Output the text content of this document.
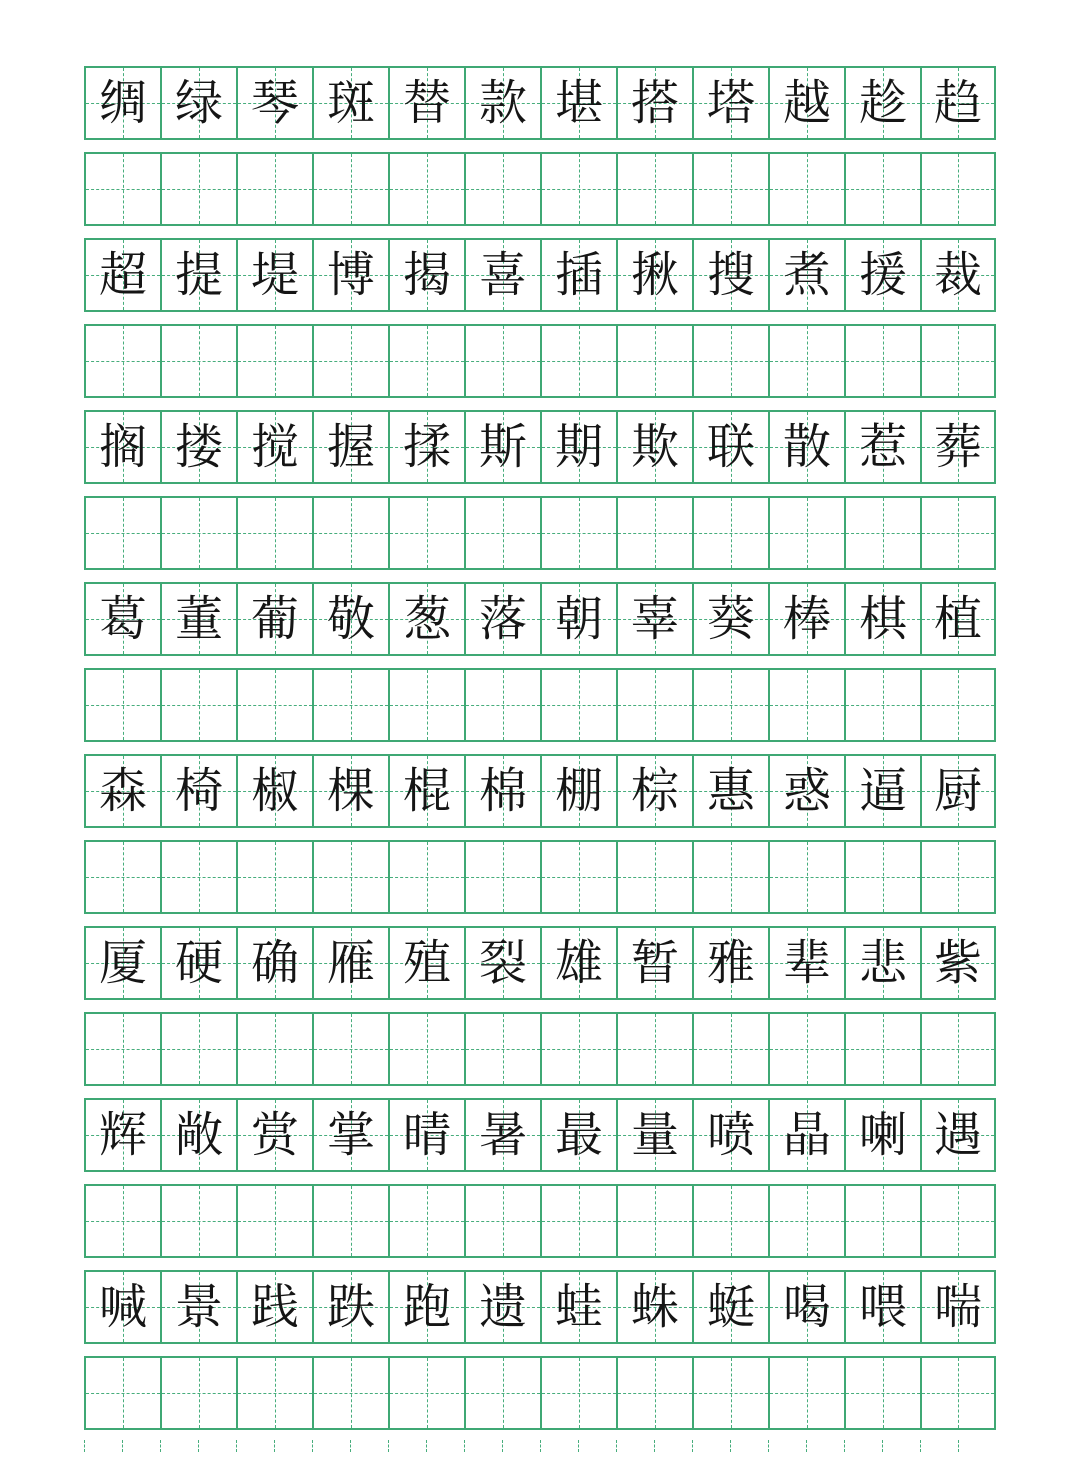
绸 绿 琴 斑 替 款 堪 搭 塔 越 趁 趋
超 提 堤 博 揭 喜 插 揪 搜 煮 援 裁
搁 搂 搅 握 揉 斯 期 欺 联 散 惹 葬
葛 董 葡 敬 葱 落 朝 辜 葵 棒 棋 植
森 椅 椒 棵 棍 棉 棚 棕 惠 惑 逼 厨
厦 硬 确 雁 殖 裂 雄 暂 雅 辈 悲 紫
辉 敞 赏 掌 晴 暑 最 量 喷 晶 喇 遇
喊 景 践 跌 跑 遗 蛙 蛛 蜓 喝 喂 喘
